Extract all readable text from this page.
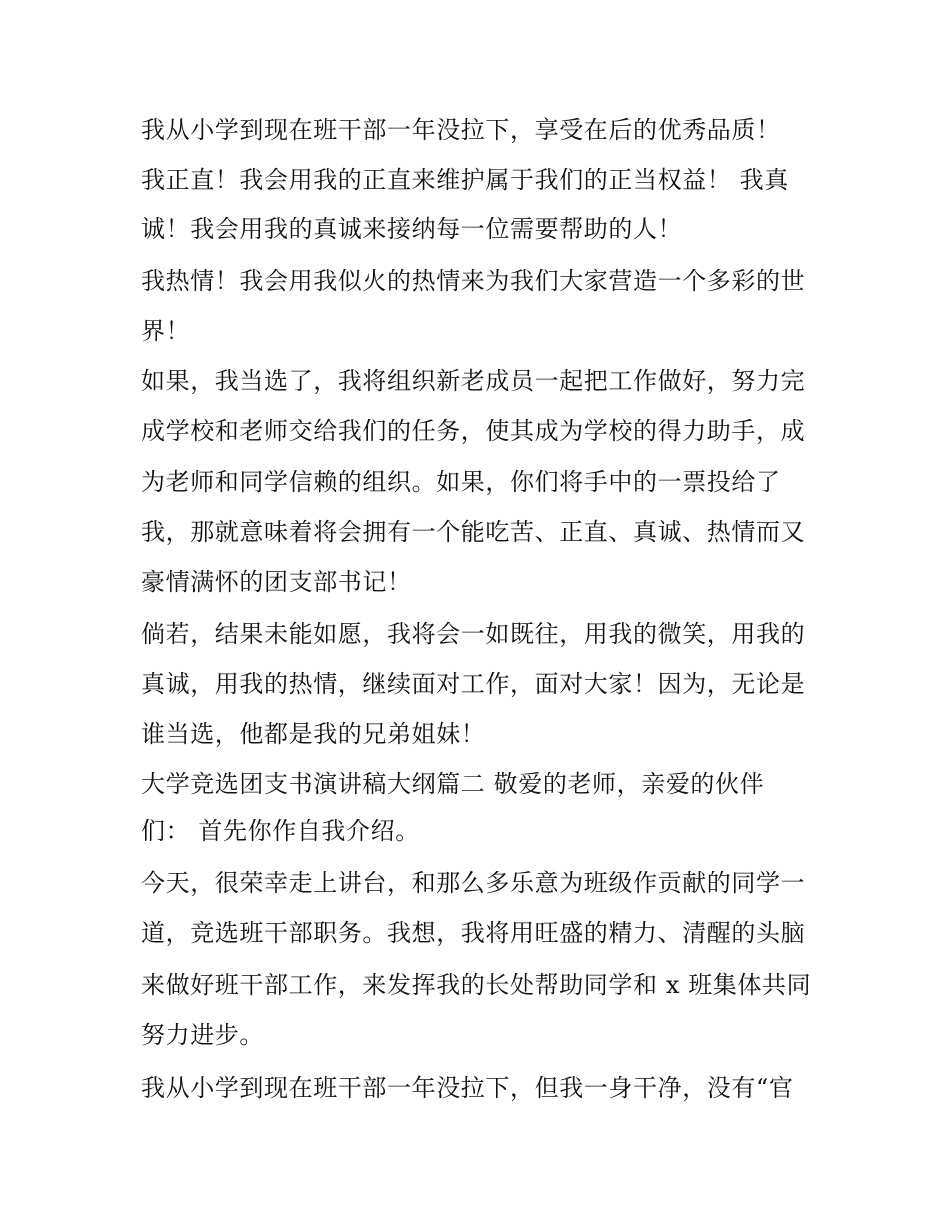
我从小学到现在班干部一年没拉下，享受在后的优秀品质！

我正直！我会用我的正直来维护属于我们的正当权益！ 我真

诚！我会用我的真诚来接纳每一位需要帮助的人！

我热情！我会用我似火的热情来为我们大家营造一个多彩的世

界！

如果，我当选了，我将组织新老成员一起把工作做好，努力完

成学校和老师交给我们的任务，使其成为学校的得力助手，成

为老师和同学信赖的组织。如果，你们将手中的一票投给了

我，那就意味着将会拥有一个能吃苦、正直、真诚、热情而又

豪情满怀的团支部书记！

倘若，结果未能如愿，我将会一如既往，用我的微笑，用我的

真诚，用我的热情，继续面对工作，面对大家！因为，无论是

谁当选，他都是我的兄弟姐妹！

大学竞选团支书演讲稿大纲篇二 敬爱的老师，亲爱的伙伴

们： 首先你作自我介绍。

今天，很荣幸走上讲台，和那么多乐意为班级作贡献的同学一

道，竞选班干部职务。我想，我将用旺盛的精力、清醒的头脑

来做好班干部工作，来发挥我的长处帮助同学和 x 班集体共同

努力进步。

我从小学到现在班干部一年没拉下，但我一身干净，没有“官
